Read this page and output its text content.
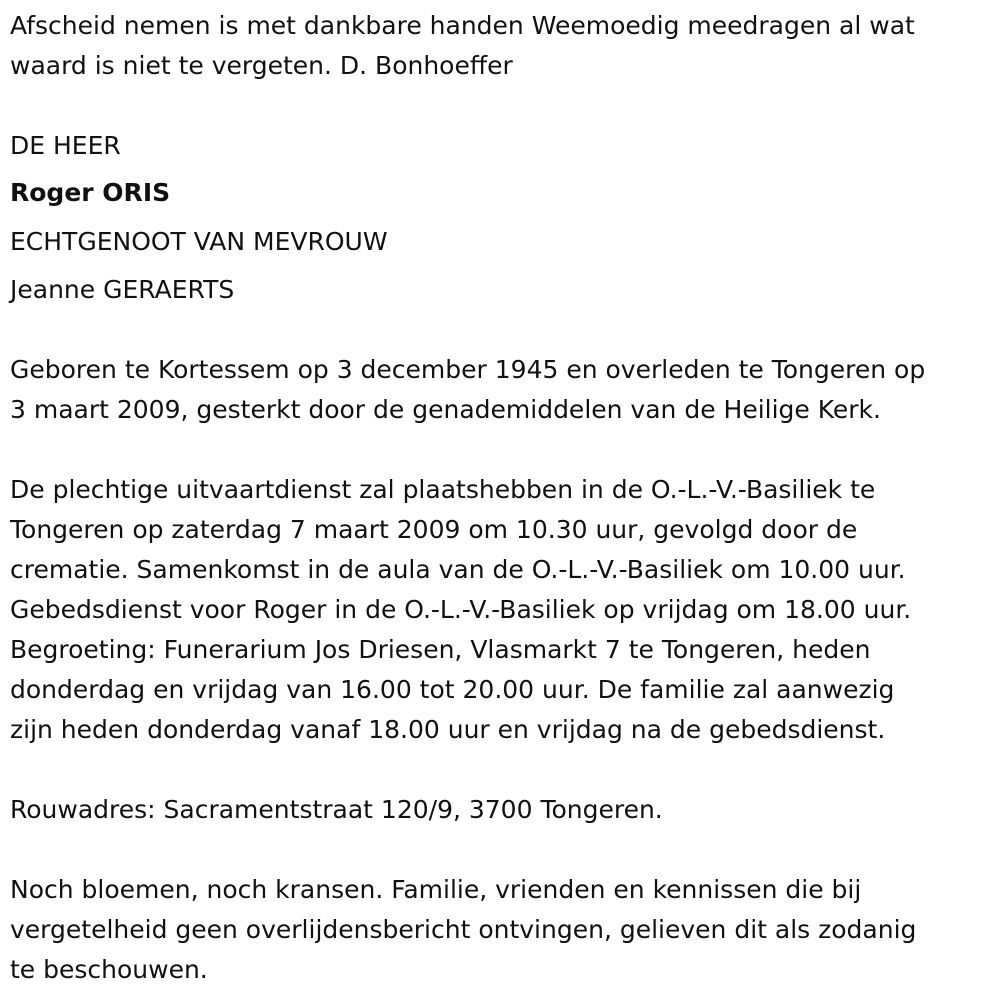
Afscheid nemen is met dankbare handen Weemoedig meedragen al wat
waard is niet te vergeten. D. Bonhoeffer
DE HEER
Roger ORIS
ECHTGENOOT VAN MEVROUW
Jeanne GERAERTS
Geboren te Kortessem op 3 december 1945 en overleden te Tongeren op
3 maart 2009, gesterkt door de genademiddelen van de Heilige Kerk.
De plechtige uitvaartdienst zal plaatshebben in de O.-L.-V.-Basiliek te
Tongeren op zaterdag 7 maart 2009 om 10.30 uur, gevolgd door de
crematie. Samenkomst in de aula van de O.-L.-V.-Basiliek om 10.00 uur.
Gebedsdienst voor Roger in de O.-L.-V.-Basiliek op vrijdag om 18.00 uur.
Begroeting: Funerarium Jos Driesen, Vlasmarkt 7 te Tongeren, heden
donderdag en vrijdag van 16.00 tot 20.00 uur. De familie zal aanwezig
zijn heden donderdag vanaf 18.00 uur en vrijdag na de gebedsdienst.
Rouwadres: Sacramentstraat 120/9, 3700 Tongeren.
Noch bloemen, noch kransen. Familie, vrienden en kennissen die bij
vergetelheid geen overlijdensbericht ontvingen, gelieven dit als zodanig
te beschouwen.
